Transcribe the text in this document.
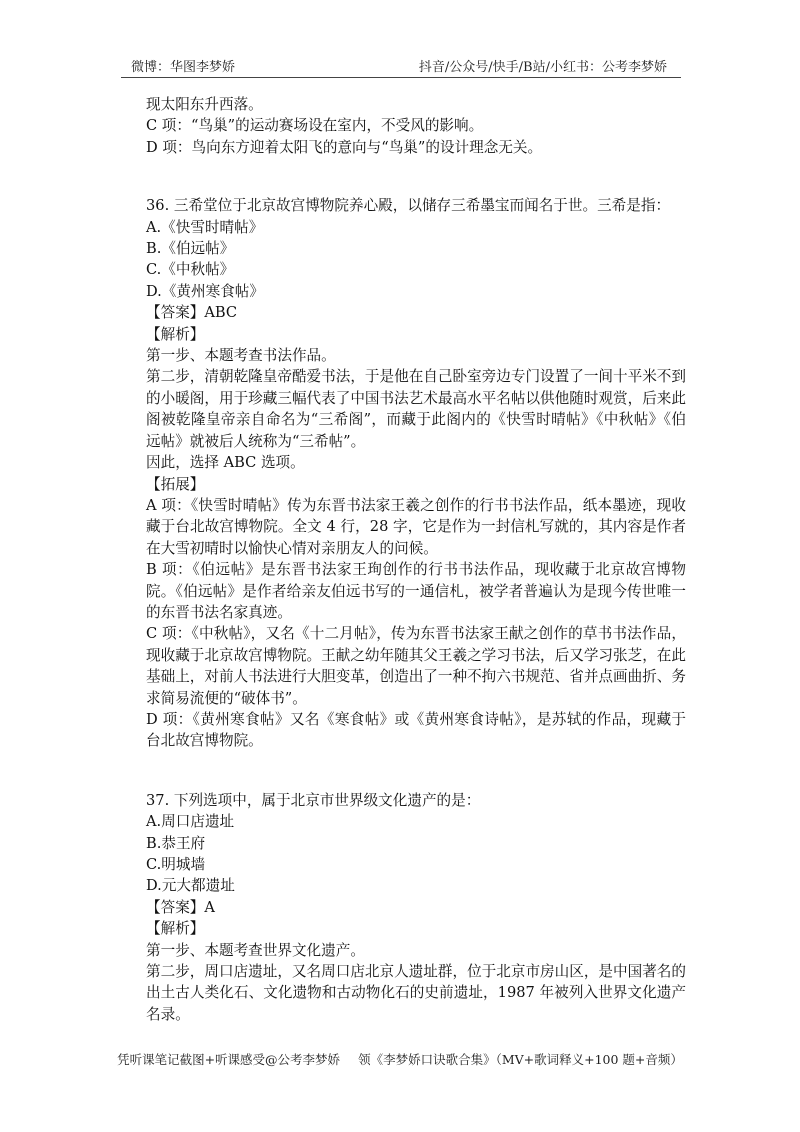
微博：华图李梦娇	抖音/公众号/快手/B站/小红书：公考李梦娇

现太阳东升西落。

C 项：“鸟巢”的运动赛场设在室内，不受风的影响。

D 项：鸟向东方迎着太阳飞的意向与“鸟巢”的设计理念无关。

36. 三希堂位于北京故宫博物院养心殿，以储存三希墨宝而闻名于世。三希是指：

A.《快雪时晴帖》

B.《伯远帖》

C.《中秋帖》

D.《黄州寒食帖》

【答案】ABC

【解析】

第一步、本题考查书法作品。

第二步，清朝乾隆皇帝酷爱书法，于是他在自己卧室旁边专门设置了一间十平米不到的小暖阁，用于珍藏三幅代表了中国书法艺术最高水平名帖以供他随时观赏，后来此阁被乾隆皇帝亲自命名为“三希阁”，而藏于此阁内的《快雪时晴帖》《中秋帖》《伯远帖》就被后人统称为“三希帖”。

因此，选择 ABC 选项。

【拓展】

A 项：《快雪时晴帖》传为东晋书法家王羲之创作的行书书法作品，纸本墨迹，现收藏于台北故宫博物院。全文 4 行，28 字，它是作为一封信札写就的，其内容是作者在大雪初晴时以愉快心情对亲朋友人的问候。

B 项：《伯远帖》是东晋书法家王珣创作的行书书法作品，现收藏于北京故宫博物院。《伯远帖》是作者给亲友伯远书写的一通信札，被学者普遍认为是现今传世唯一的东晋书法名家真迹。

C 项：《中秋帖》，又名《十二月帖》，传为东晋书法家王献之创作的草书书法作品，现收藏于北京故宫博物院。王献之幼年随其父王羲之学习书法，后又学习张芝，在此基础上，对前人书法进行大胆变革，创造出了一种不拘六书规范、省并点画曲折、务求简易流便的“破体书”。

D 项：《黄州寒食帖》又名《寒食帖》或《黄州寒食诗帖》，是苏轼的作品，现藏于台北故宫博物院。

37. 下列选项中，属于北京市世界级文化遗产的是：

A.周口店遗址

B.恭王府

C.明城墙

D.元大都遗址

【答案】A

【解析】

第一步、本题考查世界文化遗产。

第二步，周口店遗址，又名周口店北京人遗址群，位于北京市房山区，是中国著名的出土古人类化石、文化遗物和古动物化石的史前遗址，1987 年被列入世界文化遗产名录。

凭听课笔记截图+听课感受@公考李梦娇 领《李梦娇口诀歌合集》（MV+歌词释义+100 题+音频）
